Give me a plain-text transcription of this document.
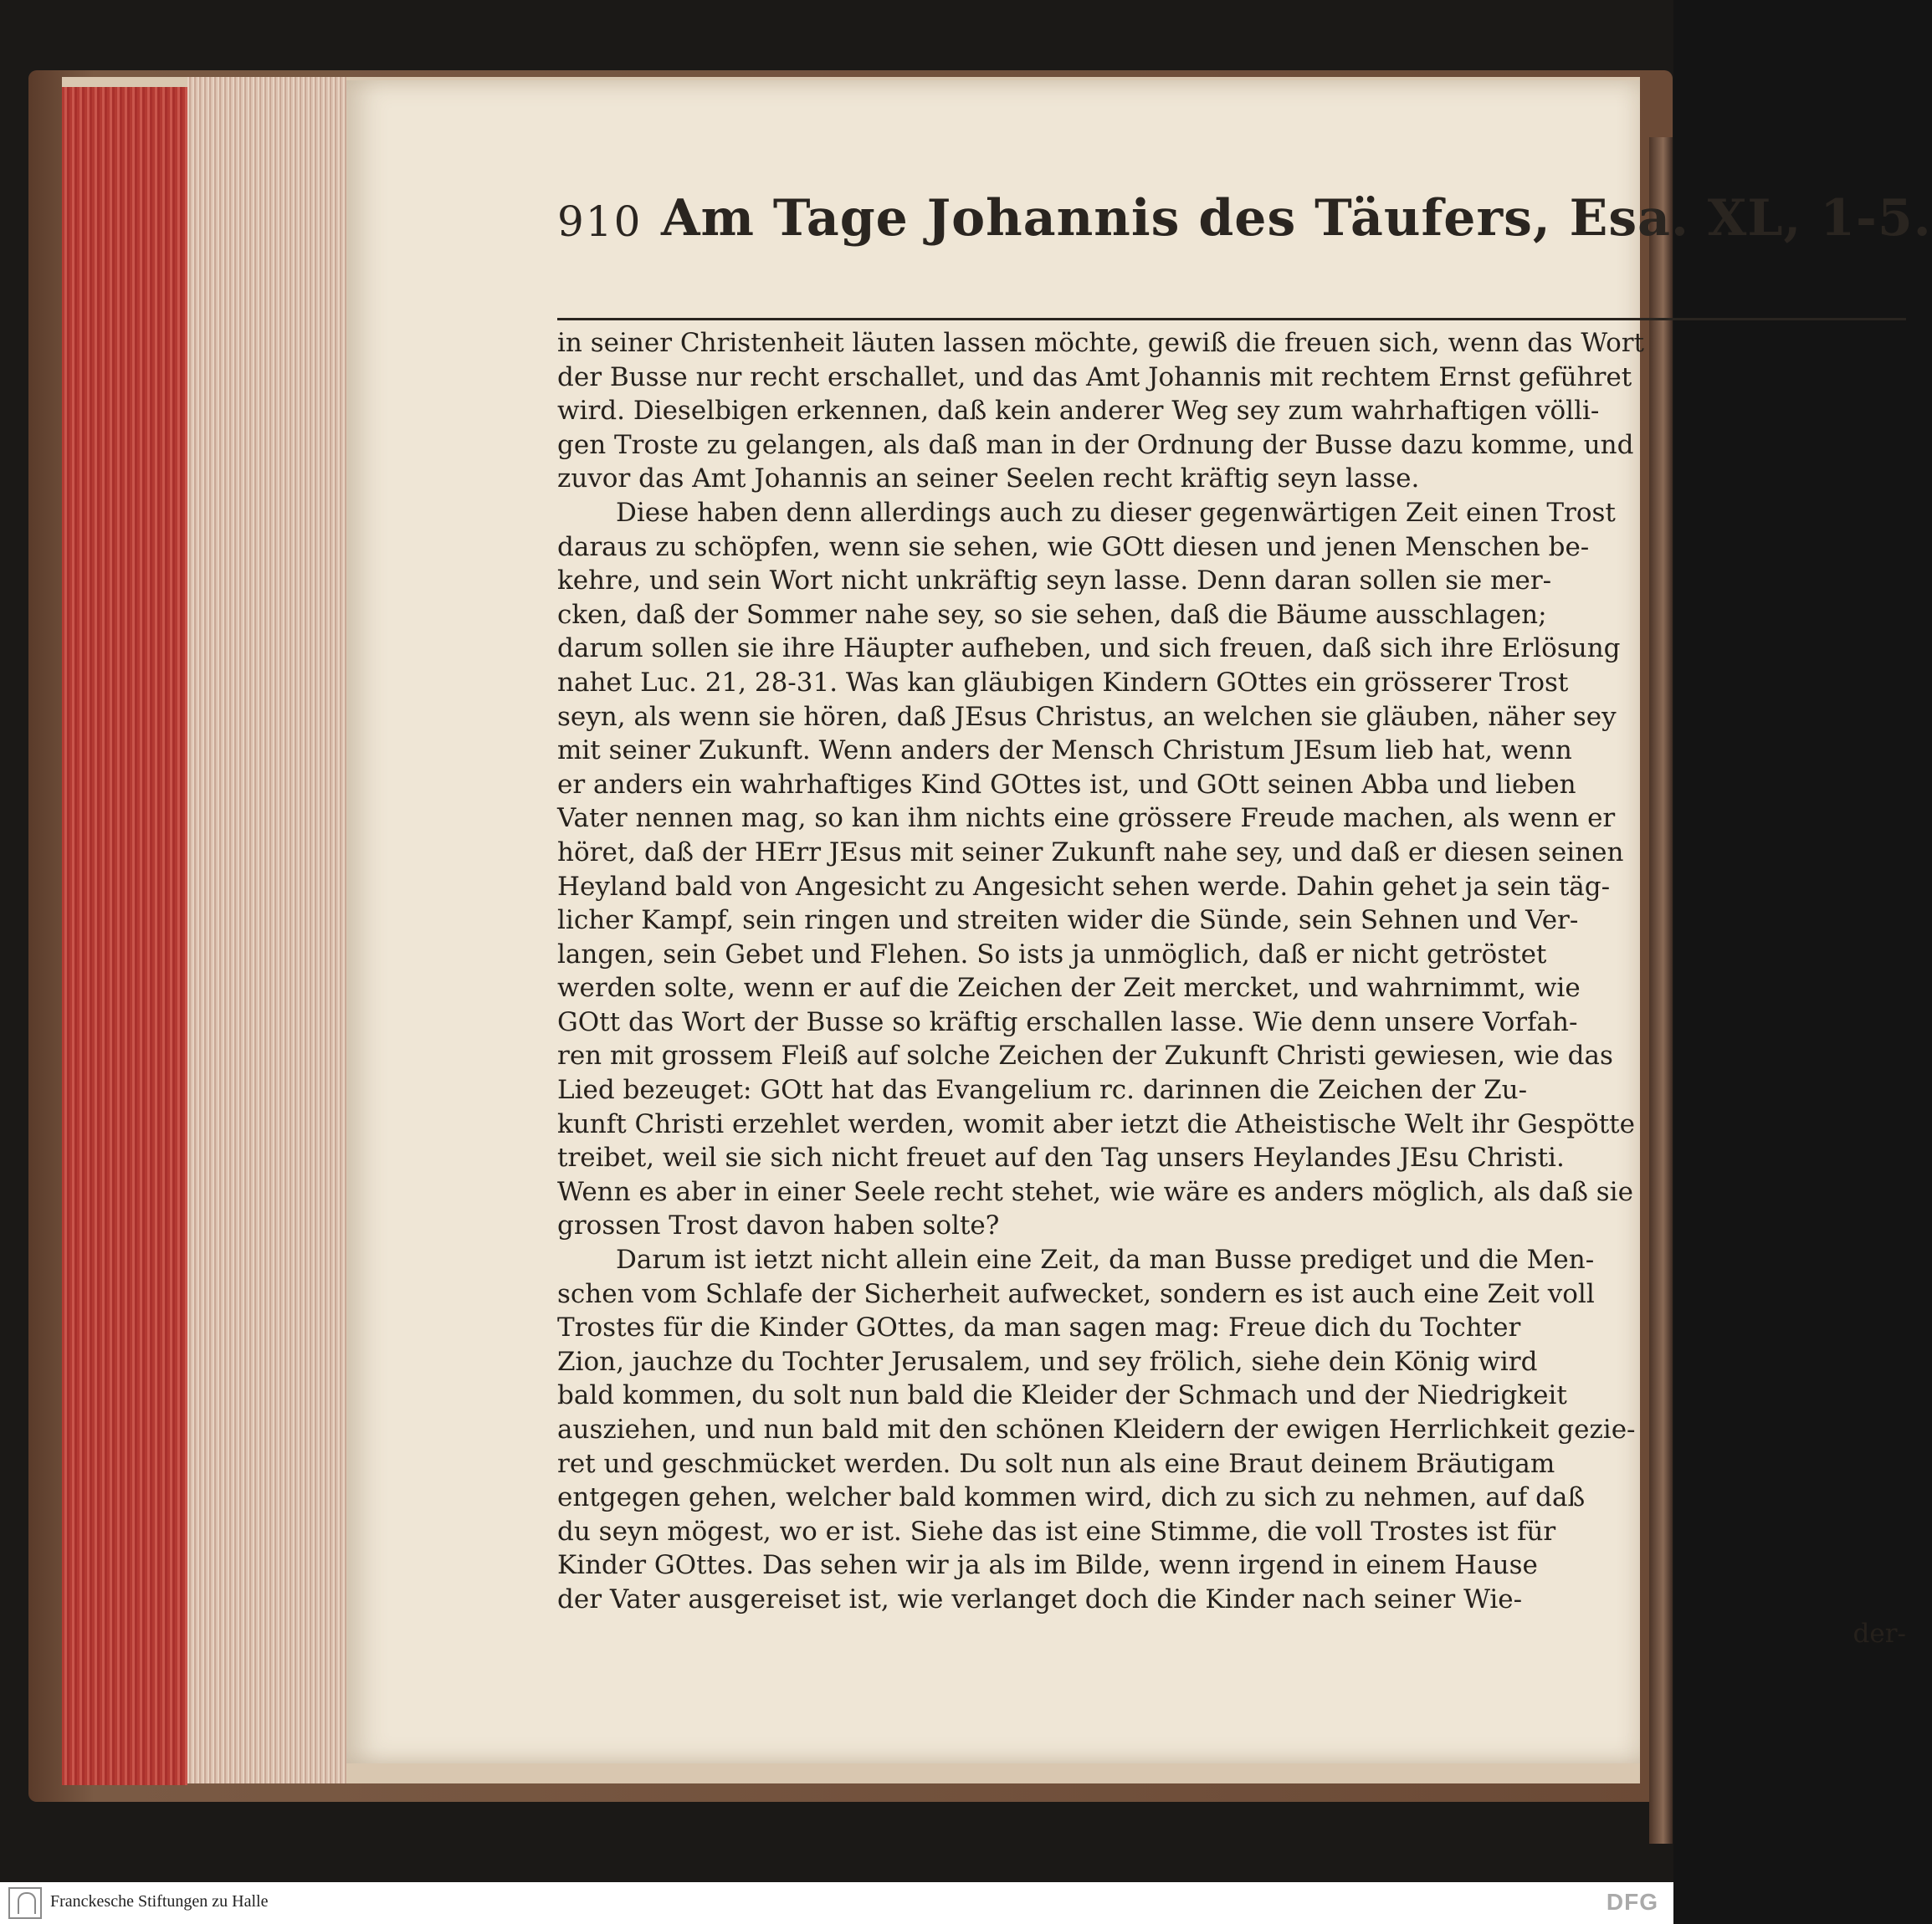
910 Am Tage Johannis des Täufers, Esa. XL, 1-5.
in seiner Christenheit läuten lassen möchte, gewiß die freuen sich, wenn das Wort
der Busse nur recht erschallet, und das Amt Johannis mit rechtem Ernst geführet
wird. Dieselbigen erkennen, daß kein anderer Weg sey zum wahrhaftigen völli-
gen Troste zu gelangen, als daß man in der Ordnung der Busse dazu komme, und
zuvor das Amt Johannis an seiner Seelen recht kräftig seyn lasse.
Diese haben denn allerdings auch zu dieser gegenwärtigen Zeit einen Trost
daraus zu schöpfen, wenn sie sehen, wie GOtt diesen und jenen Menschen be-
kehre, und sein Wort nicht unkräftig seyn lasse. Denn daran sollen sie mer-
cken, daß der Sommer nahe sey, so sie sehen, daß die Bäume ausschlagen;
darum sollen sie ihre Häupter aufheben, und sich freuen, daß sich ihre Erlösung
nahet Luc. 21, 28-31. Was kan gläubigen Kindern GOttes ein grösserer Trost
seyn, als wenn sie hören, daß JEsus Christus, an welchen sie gläuben, näher sey
mit seiner Zukunft. Wenn anders der Mensch Christum JEsum lieb hat, wenn
er anders ein wahrhaftiges Kind GOttes ist, und GOtt seinen Abba und lieben
Vater nennen mag, so kan ihm nichts eine grössere Freude machen, als wenn er
höret, daß der HErr JEsus mit seiner Zukunft nahe sey, und daß er diesen seinen
Heyland bald von Angesicht zu Angesicht sehen werde. Dahin gehet ja sein täg-
licher Kampf, sein ringen und streiten wider die Sünde, sein Sehnen und Ver-
langen, sein Gebet und Flehen. So ists ja unmöglich, daß er nicht getröstet
werden solte, wenn er auf die Zeichen der Zeit mercket, und wahrnimmt, wie
GOtt das Wort der Busse so kräftig erschallen lasse. Wie denn unsere Vorfah-
ren mit grossem Fleiß auf solche Zeichen der Zukunft Christi gewiesen, wie das
Lied bezeuget: GOtt hat das Evangelium rc. darinnen die Zeichen der Zu-
kunft Christi erzehlet werden, womit aber ietzt die Atheistische Welt ihr Gespötte
treibet, weil sie sich nicht freuet auf den Tag unsers Heylandes JEsu Christi.
Wenn es aber in einer Seele recht stehet, wie wäre es anders möglich, als daß sie
grossen Trost davon haben solte?
Darum ist ietzt nicht allein eine Zeit, da man Busse prediget und die Men-
schen vom Schlafe der Sicherheit aufwecket, sondern es ist auch eine Zeit voll
Trostes für die Kinder GOttes, da man sagen mag: Freue dich du Tochter
Zion, jauchze du Tochter Jerusalem, und sey frölich, siehe dein König wird
bald kommen, du solt nun bald die Kleider der Schmach und der Niedrigkeit
ausziehen, und nun bald mit den schönen Kleidern der ewigen Herrlichkeit gezie-
ret und geschmücket werden. Du solt nun als eine Braut deinem Bräutigam
entgegen gehen, welcher bald kommen wird, dich zu sich zu nehmen, auf daß
du seyn mögest, wo er ist. Siehe das ist eine Stimme, die voll Trostes ist für
Kinder GOttes. Das sehen wir ja als im Bilde, wenn irgend in einem Hause
der Vater ausgereiset ist, wie verlanget doch die Kinder nach seiner Wie-
der-
Franckesche Stiftungen zu Halle	DFG
